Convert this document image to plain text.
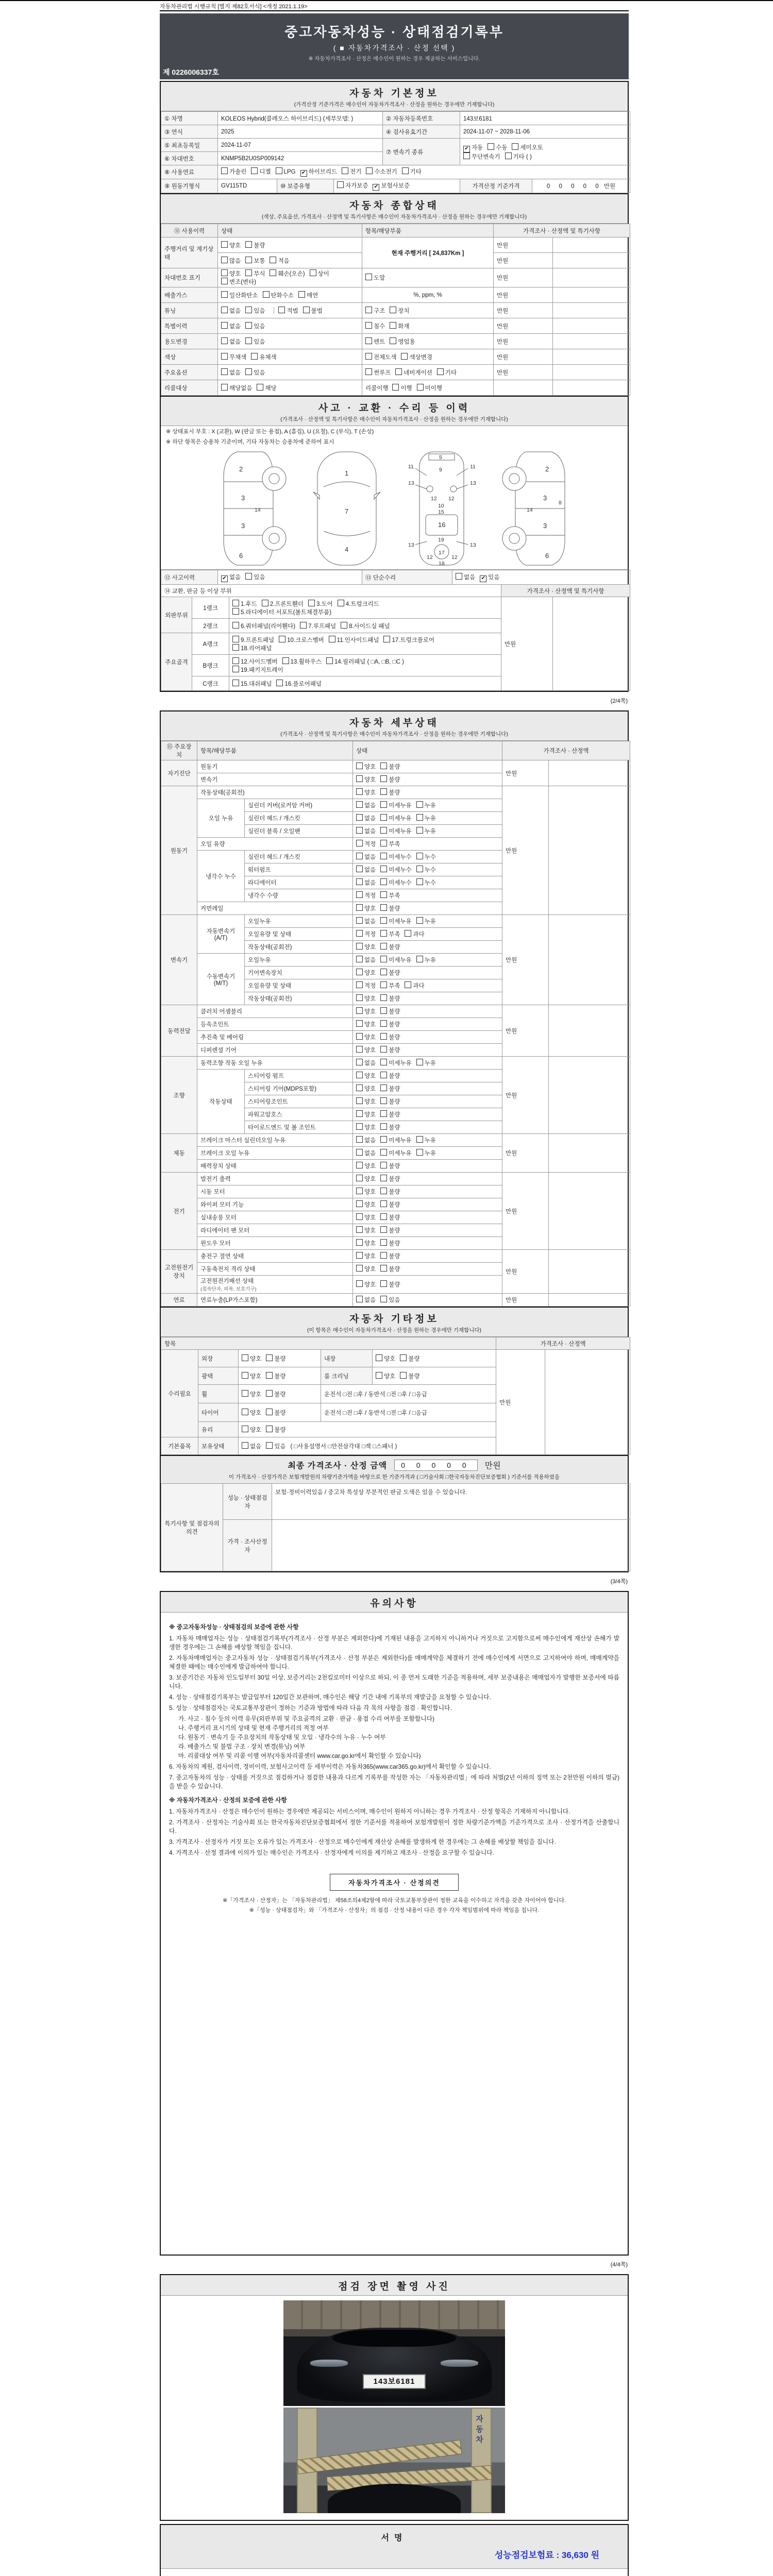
자동차관리법 시행규칙 [별지 제82호서식] <개정 2021.1.19>
중고자동차성능 · 상태점검기록부
( ■ 자동차가격조사 · 산정 선택 )
※ 자동차가격조사 · 산정은 매수인이 원하는 경우 제공하는 서비스입니다.
제 0226006337호
자동차 기본정보
(가격산정 기준가격은 매수인이 자동차가격조사 · 산정을 원하는 경우에만 기재합니다)
① 차명	KOLEOS Hybrid(콜레오스 하이브리드) (세부모델: )	② 자동차등록번호	143보6181
③ 연식	2025	④ 검사유효기간	2024-11-07 ~ 2028-11-06
⑤ 최초등록일	2024-11-07	⑦ 변속기 종류	✔ 자동 수동 세미오토
무단변속기 기타 ( )

⑥ 차대번호	KNMP5B2U0SP009142		
⑧ 사용연료	가솔린 디젤 LPG ✔ 하이브리드 전기 수소전기 기타		
⑨ 원동기형식	GV115TD	⑩ 보증유형	자가보증 ✔ 보험사보증	가격산정 기준가격	0 0 0 0 0 만원
자동차 종합상태
(색상, 주요옵션, 가격조사 · 산정액 및 특기사항은 매수인이 자동차가격조사 · 산정을 원하는 경우에만 기재합니다)
⑪ 사용이력	상태	항목/해당부품	가격조사 · 산정액 및 특기사항	
주행거리 및 계기상태	양호 불량	현재 주행거리 [ 24,837Km ]	만원	
	많음 보통 적음		만원	
차대번호 표기	양호 부식 훼손(오손) 상이변조(변타)	도말	만원	
배출가스	일산화탄소 탄화수소 매연	%, ppm, %	만원	
튜닝	없음 있음 적법 불법	구조 장치	만원	
특별이력	없음 있음	침수 화재	만원	
용도변경	없음 있음	렌트 영업용	만원	
색상	무채색 유채색	전체도색 색상변경	만원	
주요옵션	없음 있음	썬루프 네비게이션 기타	만원	
리콜대상	해당없음 해당	리콜이행 이행 미이행		
사고 · 교환 · 수리 등 이력
(가격조사 · 산정액 및 특기사항은 매수인이 자동차가격조사 · 산정을 원하는 경우에만 기재합니다)
※ 상태표시 부호 : X (교환), W (판금 또는 용접), A (흠집), U (요철), C (부식), T (손상)
※ 하단 항목은 승용차 기준이며, 기타 자동차는 승용차에 준하여 표시
2
3
14
3
6
1
7
4
5
9
11	11
13	13
12 12
10
15
16
19
13	13
12	12
17
18
2
3
8
14
3
6
⑫ 사고이력	✔ 없음 있음	⑬ 단순수리	없음 ✔ 있음
⑭ 교환, 판금 등 이상 부위			가격조사 · 산정액 및 특기사항	
외판부위	1랭크	1.후드 2.프론트휀더 3.도어 4.트렁크리드
5.라디에이터 서포트(볼트체결부품)	만원	
	2랭크	6.쿼터패널(리어휀다) 7.루프패널 8.사이드실 패널		
주요골격	A랭크	9.프론트패널 10.크로스멤버 11.인사이드패널 17.트렁크플로어
18.리어패널		

	B랭크	12.사이드멤버 13.휠하우스 14.필러패널 ( □A, □B, □C )
19.패키지트레이		

	C랭크	15.대쉬패널 16.플로어패널		
(2/4쪽)
자동차 세부상태
(가격조사 · 산정액 및 특기사항은 매수인이 자동차가격조사 · 산정을 원하는 경우에만 기재합니다)
⑮ 주요장치	항목/해당부품		상태	가격조사 · 산정액	
자기진단	원동기		양호 불량	만원	
	변속기		양호 불량		
원동기	작동상태(공회전)		양호 불량	만원	
	오일 누유	실린더 커버(로커암 커버)	없음 미세누유 누유		
		실린더 헤드 / 개스킷	없음 미세누유 누유		
		실린더 블록 / 오일팬	없음 미세누유 누유		
	오일 유량		적정 부족		
	냉각수 누수	실린더 헤드 / 개스킷	없음 미세누수 누수		
		워터펌프	없음 미세누수 누수		
		라디에이터	없음 미세누수 누수		
		냉각수 수량	적정 부족		
	커먼레일		양호 불량		
변속기	자동변속기 (A/T)	오일누유	없음 미세누유 누유	만원	
		오일유량 및 상태	적정 부족 과다		
		작동상태(공회전)	양호 불량		
	수동변속기 (M/T)	오일누유	없음 미세누유 누유		
		기어변속장치	양호 불량		
		오일유량 및 상태	적정 부족 과다		
		작동상태(공회전)	양호 불량		
동력전달	클러치 어셈블리		양호 불량	만원	
	등속조인트		양호 불량		
	추진축 및 베어링		양호 불량		
	디퍼렌셜 기어		양호 불량		
조향	동력조향 작동 오일 누유		없음 미세누유 누유	만원	
	작동상태	스티어링 펌프	양호 불량		
		스티어링 기어(MDPS포함)	양호 불량		
		스티어링조인트	양호 불량		
		파워고압호스	양호 불량		
		타이로드엔드 및 볼 조인트	양호 불량		
제동	브레이크 마스터 실린더오일 누유		없음 미세누유 누유	만원	
	브레이크 오일 누유		없음 미세누유 누유		
	배력장치 상태		양호 불량		
전기	발전기 출력		양호 불량	만원	
	시동 모터		양호 불량		
	와이퍼 모터 기능		양호 불량		
	실내송풍 모터		양호 불량		
	라디에이터 팬 모터		양호 불량		
	윈도우 모터		양호 불량		
고전원전기장치	충전구 절연 상태		양호 불량	만원	
	구동축전지 격리 상태		양호 불량		
	고전원전기배선 상태
(접속단자, 피복, 보호기구)		양호 불량		
연료	연료누출(LP가스포함)		없음 있음	만원	
자동차 기타정보
(이 항목은 매수인이 자동차가격조사 · 산정을 원하는 경우에만 기재합니다)
항목					가격조사 · 산정액	
수리필요	외장	양호 불량	내장	양호 불량	만원	
	광택	양호 불량	룸 크리닝	양호 불량		
	휠	양호 불량	운전석 □전 □후 / 동반석 □전 □후 / □응급			
	타이어	양호 불량	운전석 □전 □후 / 동반석 □전 □후 / □응급			
	유리	양호 불량				
기본품목	보유상태	없음 있음 ( □사용설명서 □안전삼각대 □잭 □스패너 )				
최종 가격조사 · 산정 금액	0 0 0 0 0	만원
이 가격조사 · 산정가격은 보험개발원의 차량기준가액을 바탕으로 한 기준가격과 ( □기술사회 □한국자동차진단보증협회 ) 기준서를 적용하였음
특기사항 및 점검자의 의견	성능 · 상태점검자	보험·정비이력있음 / 중고차 특성상 부분적인 판금 도색은 있을 수 있습니다.
	가격 · 조사산정자	
(3/4쪽)
유의사항
※ 중고자동차성능 · 상태점검의 보증에 관한 사항
1. 자동차 매매업자는 성능 · 상태점검기록부(가격조사 · 산정 부분은 제외한다)에 기재된 내용을 고지하지 아니하거나 거짓으로 고지함으로써 매수인에게 재산상 손해가 발생한 경우에는 그 손해를 배상할 책임을 집니다.
2. 자동차매매업자는 중고자동차 성능 · 상태점검기록부(가격조사 · 산정 부분은 제외한다)를 매매계약을 체결하기 전에 매수인에게 서면으로 고지하여야 하며, 매매계약을 체결한 때에는 매수인에게 발급하여야 합니다.
3. 보증기간은 자동차 인도일부터 30일 이상, 보증거리는 2천킬로미터 이상으로 하되, 이 중 먼저 도래한 기준을 적용하며, 세부 보증내용은 매매업자가 발행한 보증서에 따릅니다.
4. 성능 · 상태점검기록부는 발급일부터 120일간 보관하며, 매수인은 해당 기간 내에 기록부의 재발급을 요청할 수 있습니다.
5. 성능 · 상태점검자는 국토교통부장관이 정하는 기준과 방법에 따라 다음 각 목의 사항을 점검 · 확인합니다.
가. 사고 · 침수 등의 이력 유무(외판부위 및 주요골격의 교환 · 판금 · 용접 수리 여부를 포함합니다)
나. 주행거리 표시기의 상태 및 현재 주행거리의 적정 여부
다. 원동기 · 변속기 등 주요장치의 작동상태 및 오일 · 냉각수의 누유 · 누수 여부
라. 배출가스 및 불법 구조 · 장치 변경(튜닝) 여부
마. 리콜대상 여부 및 리콜 이행 여부(자동차리콜센터 www.car.go.kr에서 확인할 수 있습니다)
6. 자동차의 제원, 검사이력, 정비이력, 보험사고이력 등 세부이력은 자동차365(www.car365.go.kr)에서 확인할 수 있습니다.
7. 중고자동차의 성능 · 상태를 거짓으로 점검하거나 점검한 내용과 다르게 기록부를 작성한 자는 「자동차관리법」에 따라 처벌(2년 이하의 징역 또는 2천만원 이하의 벌금)을 받을 수 있습니다.
※ 자동차가격조사 · 산정의 보증에 관한 사항
1. 자동차가격조사 · 산정은 매수인이 원하는 경우에만 제공되는 서비스이며, 매수인이 원하지 아니하는 경우 가격조사 · 산정 항목은 기재하지 아니합니다.
2. 가격조사 · 산정자는 기술사회 또는 한국자동차진단보증협회에서 정한 기준서를 적용하여 보험개발원이 정한 차량기준가액을 기준가격으로 조사 · 산정가격을 산출합니다.
3. 가격조사 · 산정자가 거짓 또는 오류가 있는 가격조사 · 산정으로 매수인에게 재산상 손해를 발생하게 한 경우에는 그 손해를 배상할 책임을 집니다.
4. 가격조사 · 산정 결과에 이의가 있는 매수인은 가격조사 · 산정자에게 이의를 제기하고 재조사 · 산정을 요구할 수 있습니다.
자동차가격조사 · 산정의견
※「가격조사 · 산정자」는 「자동차관리법」 제58조의4제2항에 따라 국토교통부장관이 정한 교육을 이수하고 자격을 갖춘 자이어야 합니다.
※「성능 · 상태점검자」와 「가격조사 · 산정자」의 점검 · 산정 내용이 다른 경우 각자 책임범위에 따라 책임을 집니다.
(4/4쪽)
점검 장면 촬영 사진
143보6181
자동차
서명
성능점검보험료 : 36,630 원
